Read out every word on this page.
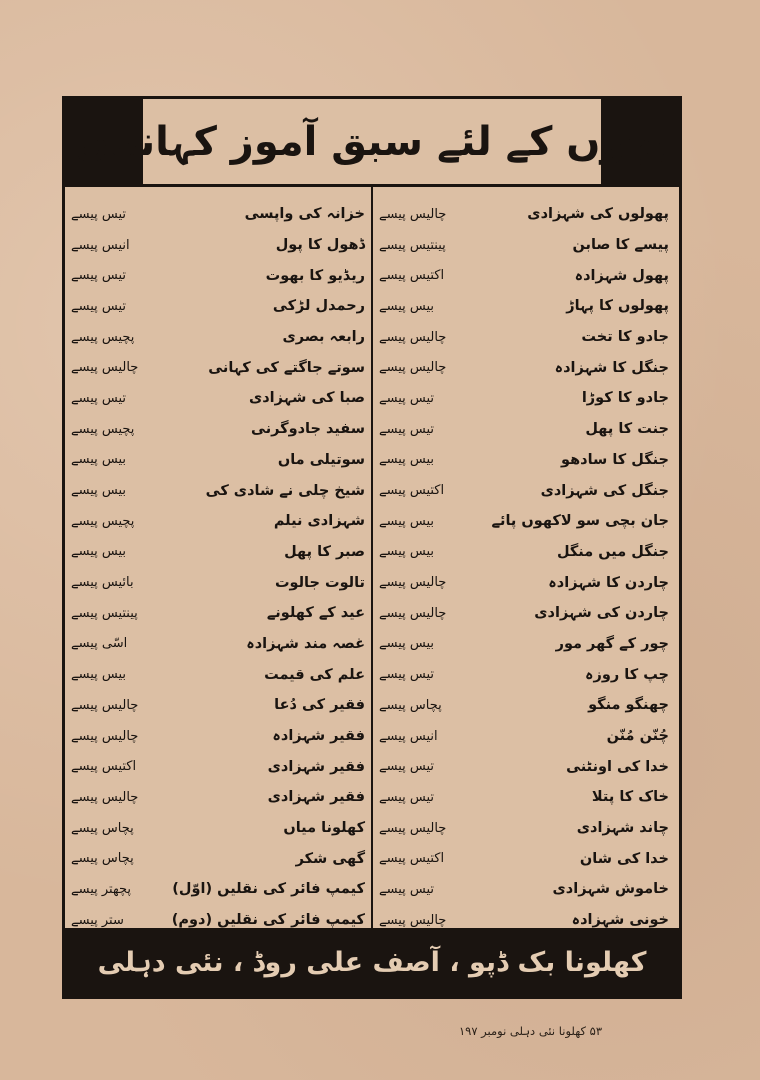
بچوں کے لئے سبق آموز کہانیاں
پھولوں کی شہزادی
چالیس پیسے
پیسے کا صابن
پینتیس پیسے
پھول شہزادہ
اکتیس پیسے
پھولوں کا پہاڑ
بیس پیسے
جادو کا تخت
چالیس پیسے
جنگل کا شہزادہ
چالیس پیسے
جادو کا کوڑا
تیس پیسے
جنت کا پھل
تیس پیسے
جنگل کا سادھو
بیس پیسے
جنگل کی شہزادی
اکتیس پیسے
جان بچی سو لاکھوں پائے
بیس پیسے
جنگل میں منگل
بیس پیسے
چاردن کا شہزادہ
چالیس پیسے
چاردن کی شہزادی
چالیس پیسے
چور کے گھر مور
بیس پیسے
چپ کا روزہ
تیس پیسے
چھنگو منگو
پچاس پیسے
چُنّن مُنّن
انیس پیسے
خدا کی اونٹنی
تیس پیسے
خاک کا پتلا
تیس پیسے
چاند شہزادی
چالیس پیسے
خدا کی شان
اکتیس پیسے
خاموش شہزادی
تیس پیسے
خونی شہزادہ
چالیس پیسے
خزانہ کی واپسی
تیس پیسے
ڈھول کا پول
انیس پیسے
ریڈیو کا بھوت
تیس پیسے
رحمدل لڑکی
تیس پیسے
رابعہ بصری
پچیس پیسے
سوتے جاگتے کی کہانی
چالیس پیسے
صبا کی شہزادی
تیس پیسے
سفید جادوگرنی
پچیس پیسے
سوتیلی ماں
بیس پیسے
شیخ چلی نے شادی کی
بیس پیسے
شہزادی نیلم
پچیس پیسے
صبر کا پھل
بیس پیسے
تالوت جالوت
بائیس پیسے
عید کے کھلونے
پینتیس پیسے
غصہ مند شہزادہ
اسّی پیسے
علم کی قیمت
بیس پیسے
فقیر کی دُعا
چالیس پیسے
فقیر شہزادہ
چالیس پیسے
فقیر شہزادی
اکتیس پیسے
فقیر شہزادی
چالیس پیسے
کھلونا میاں
پچاس پیسے
گھی شکر
پچاس پیسے
کیمپ فائر کی نقلیں (اوّل)
پچھتر پیسے
کیمپ فائر کی نقلیں (دوم)
ستر پیسے
کھلونا بک ڈپو ، آصف علی روڈ ، نئی دہلی
۵۳ کھلونا نئی دہلی نومبر ۱۹۷
